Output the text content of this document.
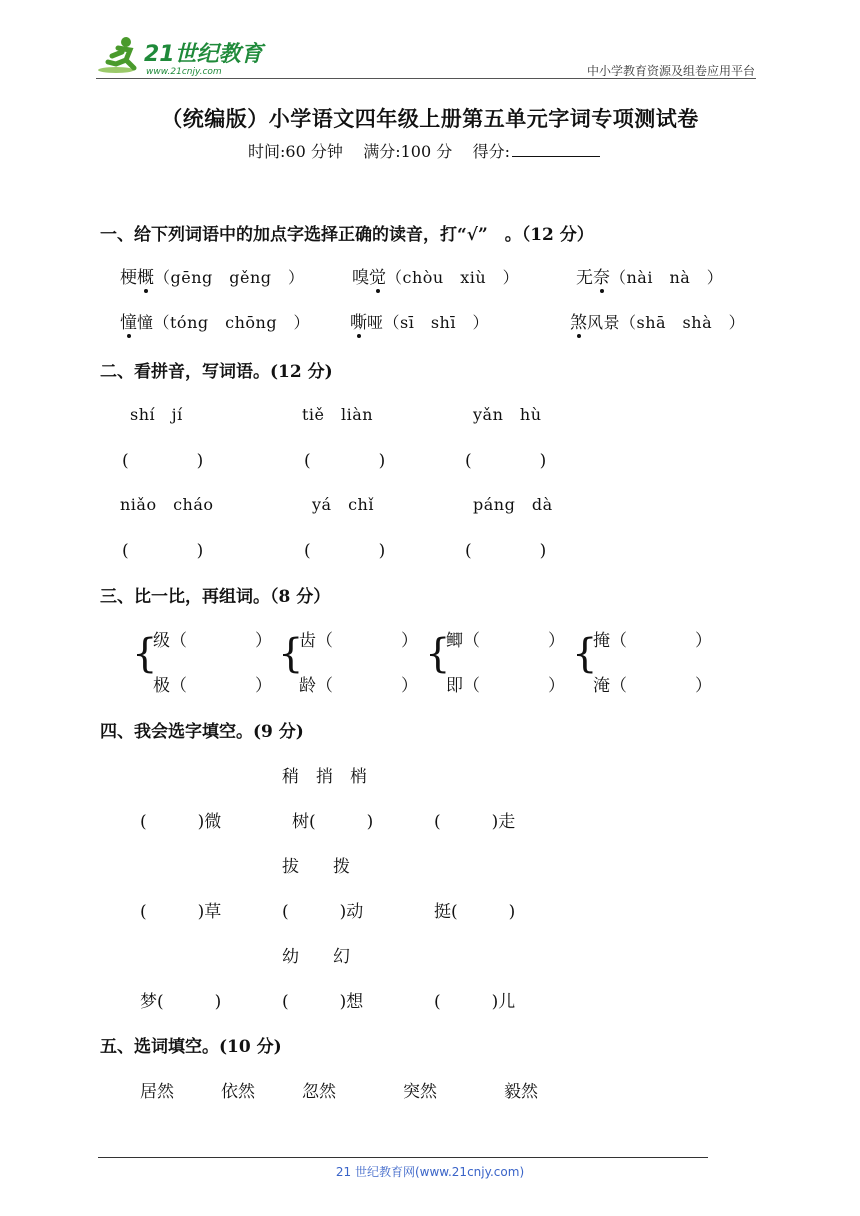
21世纪教育
www.21cnjy.com	中小学教育资源及组卷应用平台
（统编版）小学语文四年级上册第五单元字词专项测试卷
时间:60 分钟 满分:100 分 得分:
一、给下列词语中的加点字选择正确的读音，打“√”　。（12 分）
梗概（gēng　gěng　）	嗅觉（chòu　xiù　）	无奈（nài　nà　）
憧憧（tóng　chōng　） 嘶哑（sī　shī　）	煞风景（shā　shà　）
二、看拼音，写词语。(12 分)
shí　jí	tiě　liàn	yǎn　hù
(　　　　)	(　　　　)	(　　　　)
niǎo　cháo	yá　chǐ	páng　dà
(　　　　)	(　　　　)	(　　　　)
三、比一比，再组词。（8 分）
{
级（　　　　）
极（　　　　）
{
齿（　　　　）
龄（　　　　）
{
鲫（　　　　）
即（　　　　）
{
掩（　　　　）
淹（　　　　）
四、我会选字填空。(9 分)
稍　捎　梢
(　　　)微	树(　　　)	(　　　)走
拔　　拨
(　　　)草	(　　　)动	挺(　　　)
幼　　幻
梦(　　　)	(　　　)想	(　　　)儿
五、选词填空。(10 分)
居然	依然	忽然	突然	毅然
21 世纪教育网(www.21cnjy.com)
